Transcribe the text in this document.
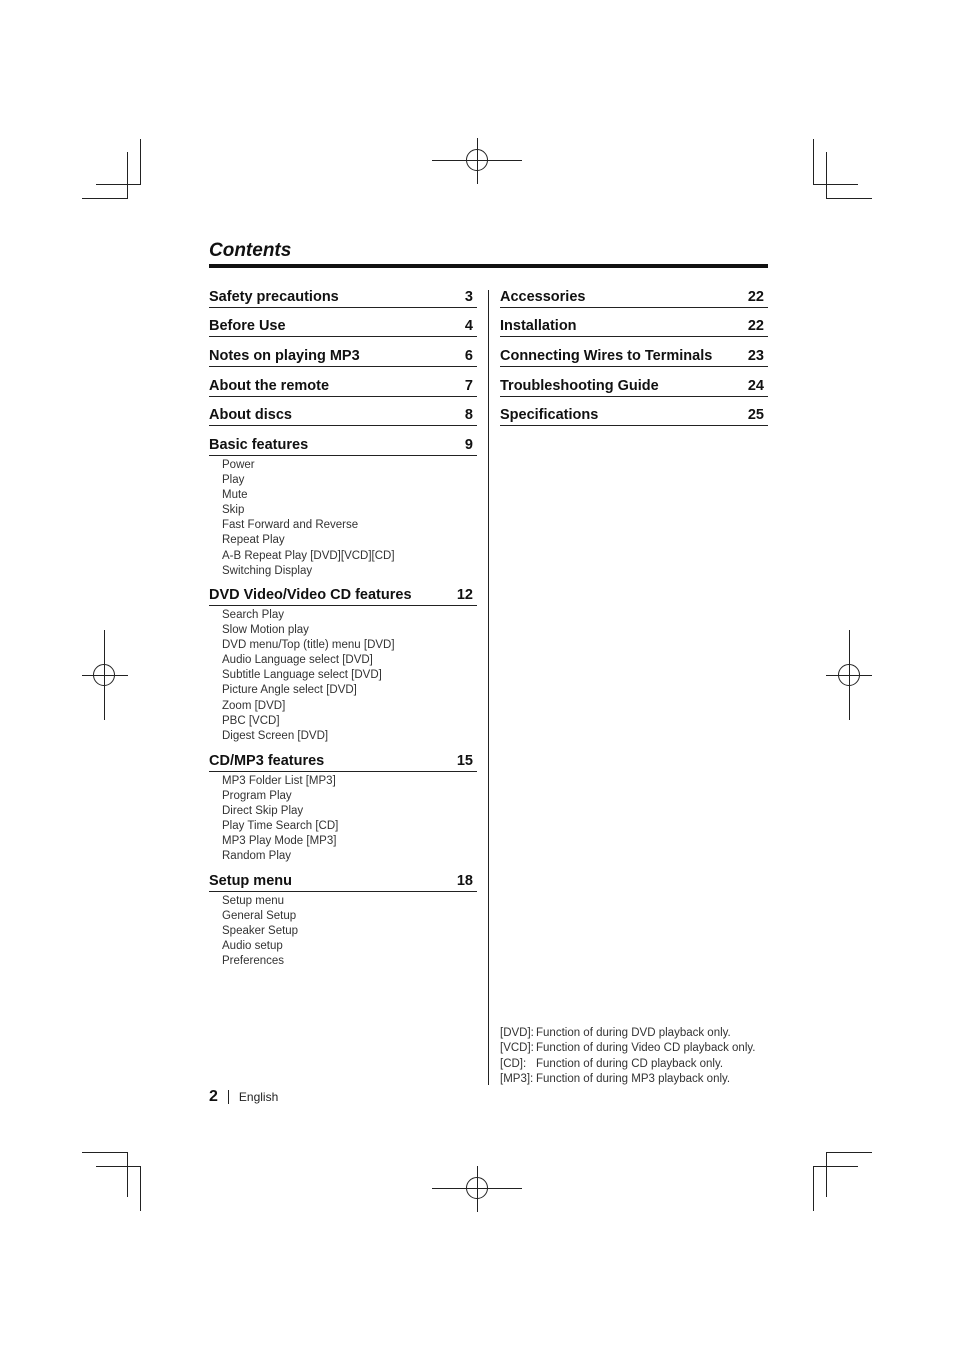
Contents
Safety precautions	3
Before Use	4
Notes on playing MP3	6
About the remote	7
About discs	8
Basic features	9
Power
Play
Mute
Skip
Fast Forward and Reverse
Repeat Play
A-B Repeat Play [DVD][VCD][CD]
Switching Display
DVD Video/Video CD features	12
Search Play
Slow Motion play
DVD menu/Top (title) menu [DVD]
Audio Language select [DVD]
Subtitle Language select [DVD]
Picture Angle select [DVD]
Zoom [DVD]
PBC [VCD]
Digest Screen [DVD]
CD/MP3 features	15
MP3 Folder List [MP3]
Program Play
Direct Skip Play
Play Time Search [CD]
MP3 Play Mode [MP3]
Random Play
Setup menu	18
Setup menu
General Setup
Speaker Setup
Audio setup
Preferences
Accessories	22
Installation	22
Connecting Wires to Terminals 23
Troubleshooting Guide	24
Specifications	25
[DVD]: Function of during DVD playback only.
[VCD]: Function of during Video CD playback only.
[CD]: Function of during CD playback only.
[MP3]: Function of during MP3 playback only.
2 English
